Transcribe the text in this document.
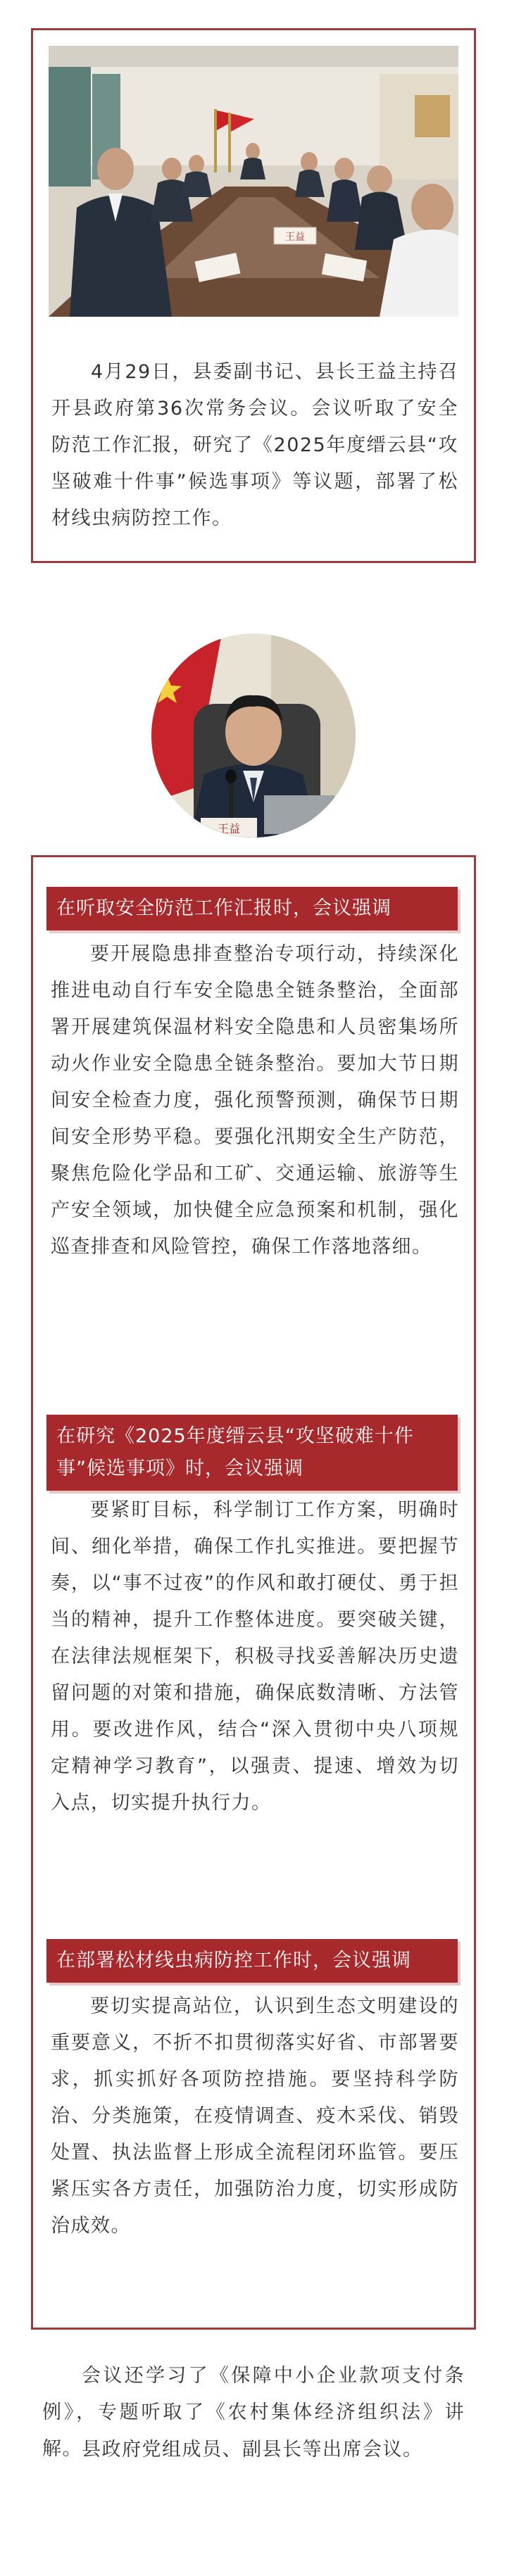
王益

4月29日，县委副书记、县长王益主持召开县政府第36次常务会议。会议听取了安全防范工作汇报，研究了《2025年度缙云县“攻坚破难十件事”候选事项》等议题，部署了松材线虫病防控工作。

王益
在听取安全防范工作汇报时，会议强调

要开展隐患排查整治专项行动，持续深化推进电动自行车安全隐患全链条整治，全面部署开展建筑保温材料安全隐患和人员密集场所动火作业安全隐患全链条整治。要加大节日期间安全检查力度，强化预警预测，确保节日期间安全形势平稳。要强化汛期安全生产防范，聚焦危险化学品和工矿、交通运输、旅游等生产安全领域，加快健全应急预案和机制，强化巡查排查和风险管控，确保工作落地落细。

在研究《2025年度缙云县“攻坚破难十件事”候选事项》时，会议强调

要紧盯目标，科学制订工作方案，明确时间、细化举措，确保工作扎实推进。要把握节奏，以“事不过夜”的作风和敢打硬仗、勇于担当的精神，提升工作整体进度。要突破关键，在法律法规框架下，积极寻找妥善解决历史遗留问题的对策和措施，确保底数清晰、方法管用。要改进作风，结合“深入贯彻中央八项规定精神学习教育”，以强责、提速、增效为切入点，切实提升执行力。

在部署松材线虫病防控工作时，会议强调

要切实提高站位，认识到生态文明建设的重要意义，不折不扣贯彻落实好省、市部署要求，抓实抓好各项防控措施。要坚持科学防治、分类施策，在疫情调查、疫木采伐、销毁处置、执法监督上形成全流程闭环监管。要压紧压实各方责任，加强防治力度，切实形成防治成效。

会议还学习了《保障中小企业款项支付条例》，专题听取了《农村集体经济组织法》讲解。 县政府党组成员、副县长等出席会议。
